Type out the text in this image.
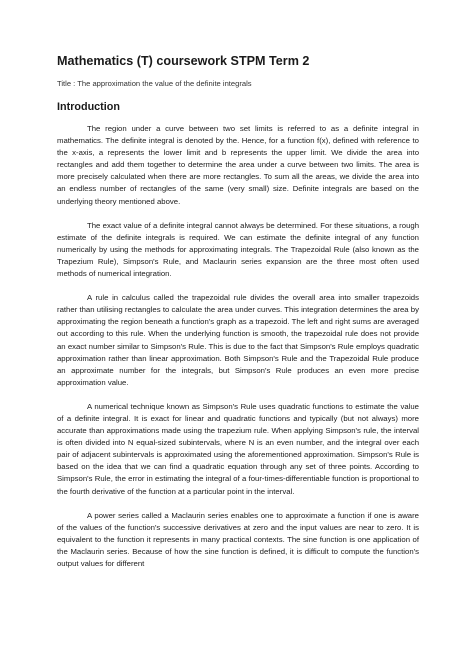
Mathematics (T) coursework STPM Term 2
Title : The approximation the value of the definite integrals
Introduction

The region under a curve between two set limits is referred to as a definite integral in mathematics. The definite integral is denoted by the. Hence, for a function f(x), defined with reference to the x-axis, a represents the lower limit and b represents the upper limit. We divide the area into rectangles and add them together to determine the area under a curve between two limits. The area is more precisely calculated when there are more rectangles. To sum all the areas, we divide the area into an endless number of rectangles of the same (very small) size. Definite integrals are based on the underlying theory mentioned above.

The exact value of a definite integral cannot always be determined. For these situations, a rough estimate of the definite integrals is required. We can estimate the definite integral of any function numerically by using the methods for approximating integrals. The Trapezoidal Rule (also known as the Trapezium Rule), Simpson's Rule, and Maclaurin series expansion are the three most often used methods of numerical integration.

A rule in calculus called the trapezoidal rule divides the overall area into smaller trapezoids rather than utilising rectangles to calculate the area under curves. This integration determines the area by approximating the region beneath a function's graph as a trapezoid. The left and right sums are averaged out according to this rule. When the underlying function is smooth, the trapezoidal rule does not provide an exact number similar to Simpson's Rule. This is due to the fact that Simpson's Rule employs quadratic approximation rather than linear approximation. Both Simpson's Rule and the Trapezoidal Rule produce an approximate number for the integrals, but Simpson's Rule produces an even more precise approximation value.

A numerical technique known as Simpson's Rule uses quadratic functions to estimate the value of a definite integral. It is exact for linear and quadratic functions and typically (but not always) more accurate than approximations made using the trapezium rule. When applying Simpson's rule, the interval is often divided into N equal-sized subintervals, where N is an even number, and the integral over each pair of adjacent subintervals is approximated using the aforementioned approximation. Simpson's Rule is based on the idea that we can find a quadratic equation through any set of three points. According to Simpson's Rule, the error in estimating the integral of a four-times-differentiable function is proportional to the fourth derivative of the function at a particular point in the interval.

A power series called a Maclaurin series enables one to approximate a function if one is aware of the values of the function's successive derivatives at zero and the input values are near to zero. It is equivalent to the function it represents in many practical contexts. The sine function is one application of the Maclaurin series. Because of how the sine function is defined, it is difficult to compute the function's output values for different
